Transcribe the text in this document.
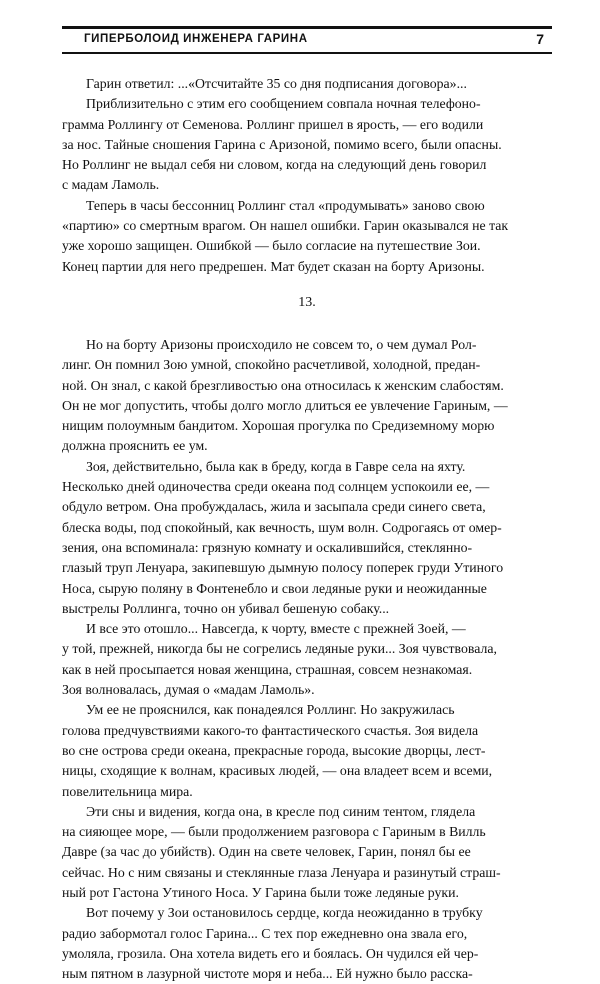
ГИПЕРБОЛОИД ИНЖЕНЕРА ГАРИНА	7
Гарин ответил: ...«Отсчитайте 35 со дня подписания договора»...
Приблизительно с этим его сообщением совпала ночная телефоно-
грамма Роллингу от Семенова. Роллинг пришел в ярость, — его водили
за нос. Тайные сношения Гарина с Аризоной, помимо всего, были опасны.
Но Роллинг не выдал себя ни словом, когда на следующий день говорил
с мадам Ламоль.
Теперь в часы бессонниц Роллинг стал «продумывать» заново свою
«партию» со смертным врагом. Он нашел ошибки. Гарин оказывался не так
уже хорошо защищен. Ошибкой — было согласие на путешествие Зои.
Конец партии для него предрешен. Мат будет сказан на борту Аризоны.
13.
Но на борту Аризоны происходило не совсем то, о чем думал Рол-
линг. Он помнил Зою умной, спокойно расчетливой, холодной, предан-
ной. Он знал, с какой брезгливостью она относилась к женским слабостям.
Он не мог допустить, чтобы долго могло длиться ее увлечение Гариным, —
нищим полоумным бандитом. Хорошая прогулка по Средиземному морю
должна прояснить ее ум.
Зоя, действительно, была как в бреду, когда в Гавре села на яхту.
Несколько дней одиночества среди океана под солнцем успокоили ее, —
обдуло ветром. Она пробуждалась, жила и засыпала среди синего света,
блеска воды, под спокойный, как вечность, шум волн. Содрогаясь от омер-
зения, она вспоминала: грязную комнату и оскалившийся, стеклянно-
глазый труп Ленуара, закипевшую дымную полосу поперек груди Утиного
Носа, сырую поляну в Фонтенебло и свои ледяные руки и неожиданные
выстрелы Роллинга, точно он убивал бешеную собаку...
И все это отошло... Навсегда, к чорту, вместе с прежней Зоей, —
у той, прежней, никогда бы не согрелись ледяные руки... Зоя чувствовала,
как в ней просыпается новая женщина, страшная, совсем незнакомая.
Зоя волновалась, думая о «мадам Ламоль».
Ум ее не прояснился, как понадеялся Роллинг. Но закружилась
голова предчувствиями какого-то фантастического счастья. Зоя видела
во сне острова среди океана, прекрасные города, высокие дворцы, лест-
ницы, сходящие к волнам, красивых людей, — она владеет всем и всеми,
повелительница мира.
Эти сны и видения, когда она, в кресле под синим тентом, глядела
на сияющее море, — были продолжением разговора с Гариным в Вилль
Давре (за час до убийств). Один на свете человек, Гарин, понял бы ее
сейчас. Но с ним связаны и стеклянные глаза Ленуара и разинутый страш-
ный рот Гастона Утиного Носа. У Гарина были тоже ледяные руки.
Вот почему у Зои остановилось сердце, когда неожиданно в трубку
радио забормотал голос Гарина... С тех пор ежедневно она звала его,
умоляла, грозила. Она хотела видеть его и боялась. Он чудился ей чер-
ным пятном в лазурной чистоте моря и неба... Ей нужно было расска-
